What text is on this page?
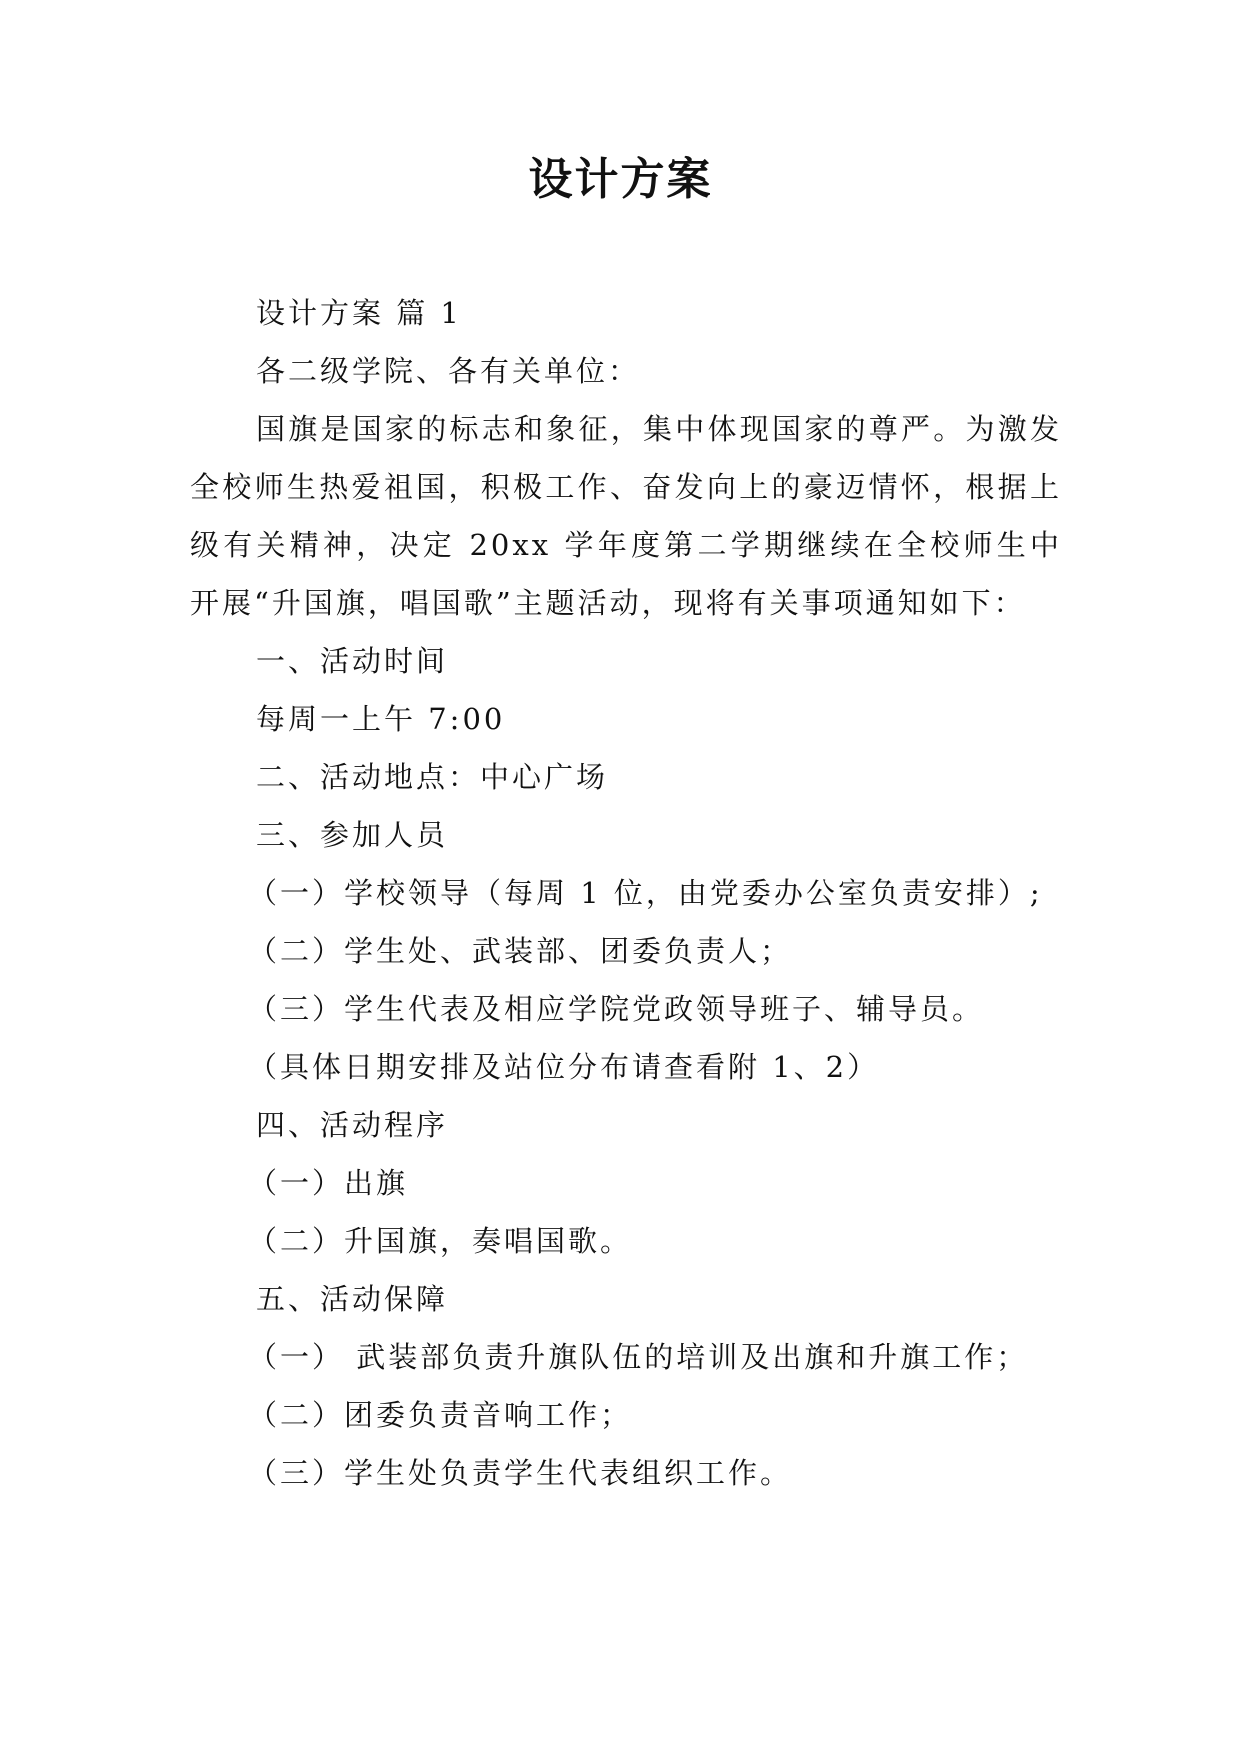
设计方案
设计方案 篇 1
各二级学院、各有关单位：
国旗是国家的标志和象征，集中体现国家的尊严。为激发全校师生热爱祖国，积极工作、奋发向上的豪迈情怀，根据上级有关精神，决定 20xx 学年度第二学期继续在全校师生中开展“升国旗，唱国歌”主题活动，现将有关事项通知如下：
一、活动时间
每周一上午 7:00
二、活动地点：中心广场
三、参加人员
（一）学校领导（每周 1 位，由党委办公室负责安排）;
（二）学生处、武装部、团委负责人；
（三）学生代表及相应学院党政领导班子、辅导员。
（具体日期安排及站位分布请查看附 1、2）
四、活动程序
（一）出旗
（二）升国旗，奏唱国歌。
五、活动保障
（一） 武装部负责升旗队伍的培训及出旗和升旗工作；
（二）团委负责音响工作；
（三）学生处负责学生代表组织工作。
